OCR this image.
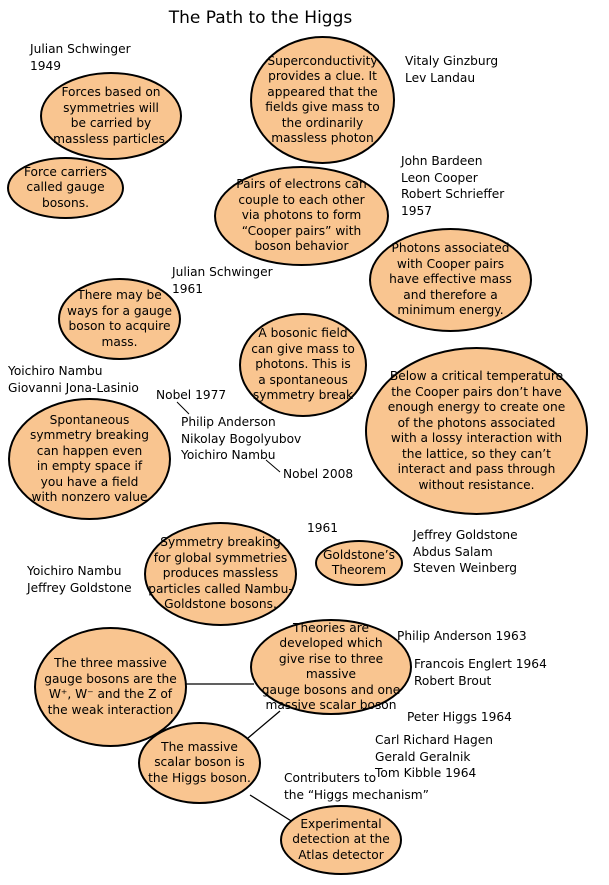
The Path to the Higgs
Forces based on
symmetries will
be carried by
massless particles.
Force carriers
called gauge
bosons.
Superconductivity
provides a clue. It
appeared that the
fields give mass to
the ordinarily
massless photon
Pairs of electrons can
couple to each other
via photons to form
“Cooper pairs” with
boson behavior	Photons associated
with Cooper pairs
have effective mass
and therefore a
minimum energy.
There may be
ways for a gauge
boson to acquire
mass.
A bosonic field
can give mass to
photons. This is
a spontaneous
symmetry break
Below a critical temperature
the Cooper pairs don’t have
enough energy to create one
of the photons associated
with a lossy interaction with
the lattice, so they can’t
interact and pass through
without resistance.
Spontaneous
symmetry breaking
can happen even
in empty space if
you have a field
with nonzero value
Symmetry breaking
for global symmetries
produces massless
particles called Nambu-
Goldstone bosons.
Goldstone’s
Theorem
The three massive
gauge bosons are the
W⁺, W⁻ and the Z of
the weak interaction
Theories are
developed which
give rise to three massive
gauge bosons and one
massive scalar boson
The massive
scalar boson is
the Higgs boson.
Experimental
detection at the
Atlas detector
Julian Schwinger
1949	Vitaly Ginzburg
Lev Landau
John Bardeen
Leon Cooper
Robert Schrieffer
1957
Julian Schwinger
1961
Yoichiro Nambu
Giovanni Jona-Lasinio
Nobel 1977
Philip Anderson
Nikolay Bogolyubov
Yoichiro Nambu
Nobel 2008
1961	Jeffrey Goldstone
Abdus Salam
Steven Weinberg
Yoichiro Nambu
Jeffrey Goldstone
Philip Anderson 1963
Francois Englert 1964
Robert Brout
Peter Higgs 1964
Carl Richard Hagen
Gerald Geralnik
Tom Kibble 1964
Contributers to
the “Higgs mechanism”
